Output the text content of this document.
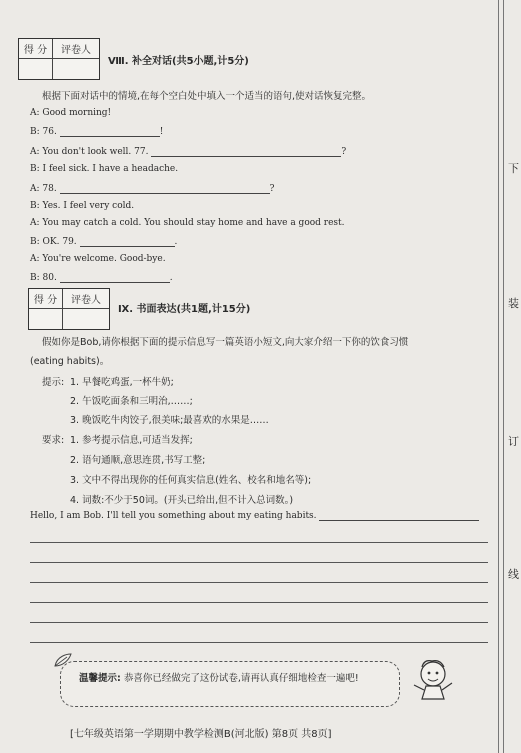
得 分	评卷人
Ⅷ. 补全对话(共5小题,计5分)
根据下面对话中的情境,在每个空白处中填入一个适当的语句,使对话恢复完整。
A: Good morning!
B: 76.	!
A: You don't look well. 77.	?
B: I feel sick. I have a headache.
A: 78.	?
B: Yes. I feel very cold.
A: You may catch a cold. You should stay home and have a good rest.
B: OK. 79.	.
A: You're welcome. Good-bye.
B: 80.	.
得 分	评卷人
Ⅸ. 书面表达(共1题,计15分)
假如你是Bob,请你根据下面的提示信息写一篇英语小短文,向大家介绍一下你的饮食习惯
(eating habits)。
提示: 1. 早餐吃鸡蛋,一杯牛奶;
2. 午饭吃面条和三明治,……;
3. 晚饭吃牛肉饺子,很美味;最喜欢的水果是……
要求: 1. 参考提示信息,可适当发挥;
2. 语句通顺,意思连贯,书写工整;
3. 文中不得出现你的任何真实信息(姓名、校名和地名等);
4. 词数:不少于50词。(开头已给出,但不计入总词数。)
Hello, I am Bob. I'll tell you something about my eating habits.
下
装
订
线
温馨提示: 恭喜你已经做完了这份试卷,请再认真仔细地检查一遍吧!
[七年级英语第一学期期中教学检测B(河北版) 第8页 共8页]
